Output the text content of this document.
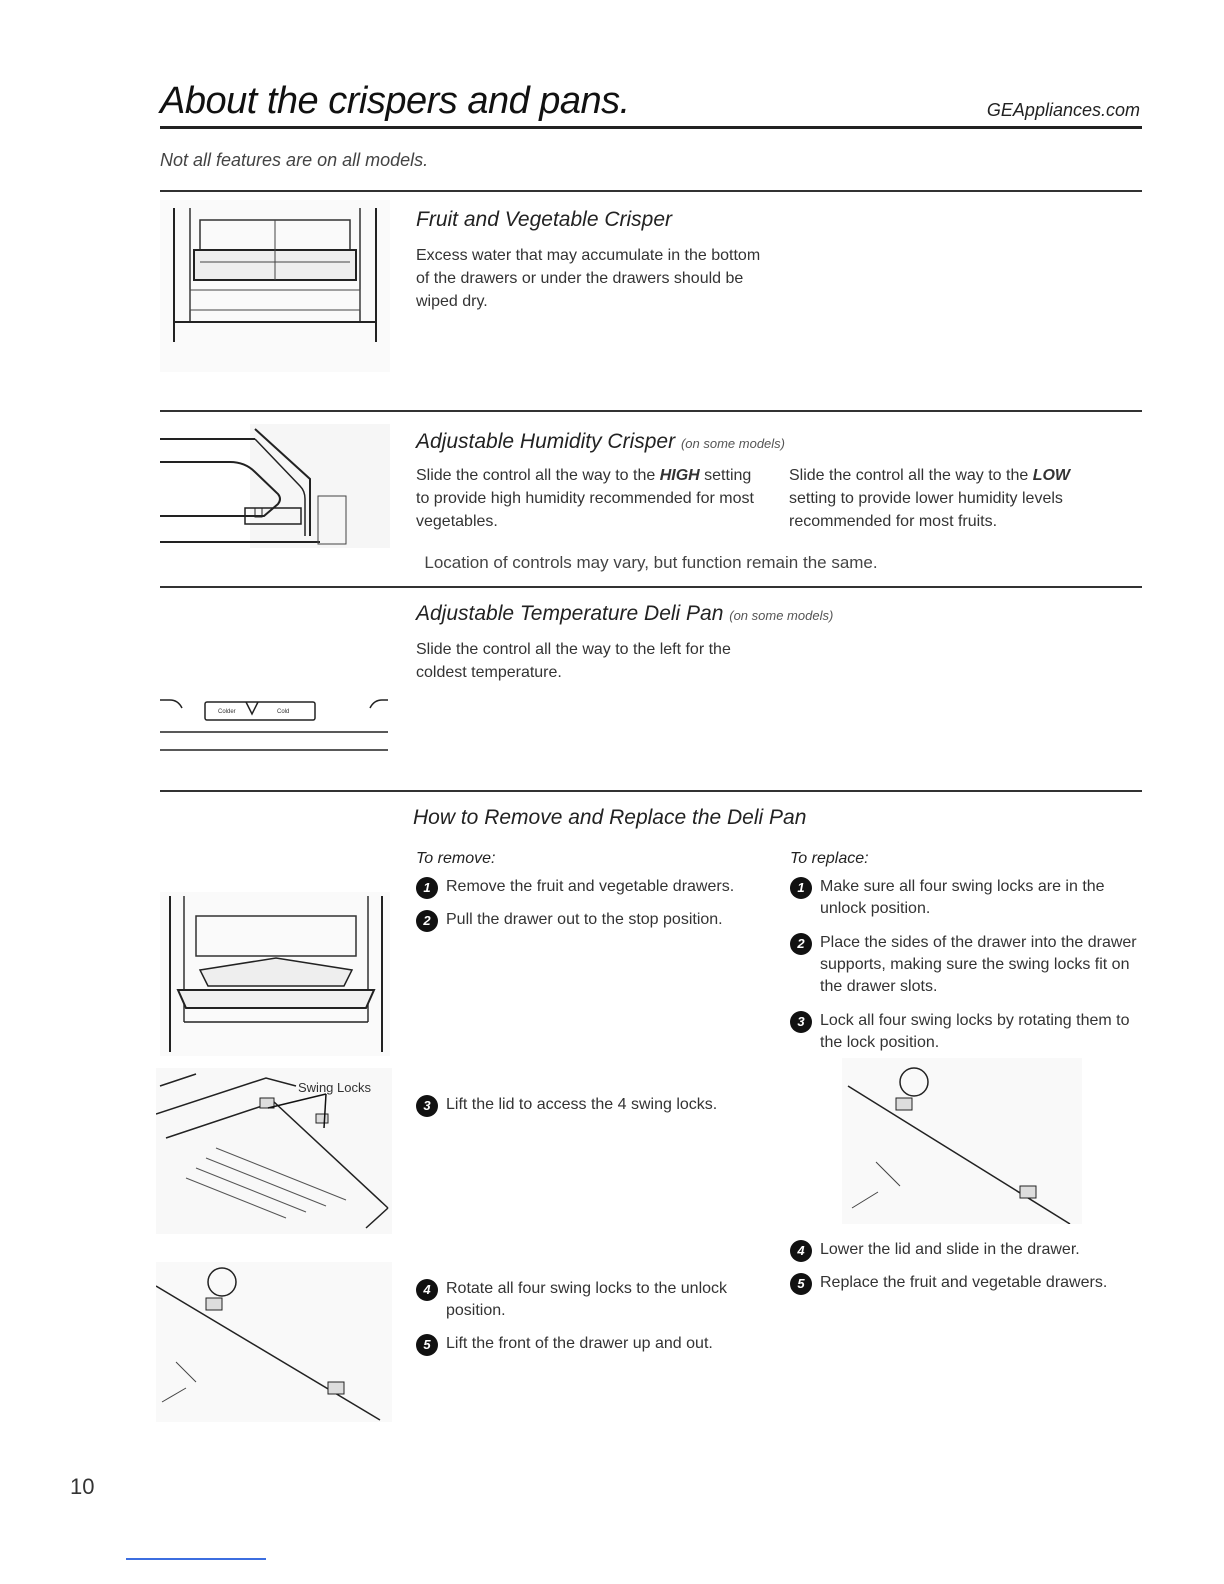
About the crispers and pans.	GEAppliances.com
Not all features are on all models.
Fruit and Vegetable Crisper
Excess water that may accumulate in the bottom of the drawers or under the drawers should be wiped dry.
Adjustable Humidity Crisper (on some models)
Slide the control all the way to the HIGH setting to provide high humidity recommended for most vegetables.
Slide the control all the way to the LOW setting to provide lower humidity levels recommended for most fruits.
Location of controls may vary, but function remain the same.
Colder	Cold
Adjustable Temperature Deli Pan (on some models)
Slide the control all the way to the left for the coldest temperature.
How to Remove and Replace the Deli Pan
To remove:	To replace:
1 Remove the fruit and vegetable drawers.
2 Pull the drawer out to the stop position.
3 Lift the lid to access the 4 swing locks.
4 Rotate all four swing locks to the unlock position.
5 Lift the front of the drawer up and out.
1 Make sure all four swing locks are in the unlock position.
2 Place the sides of the drawer into the drawer supports, making sure the swing locks fit on the drawer slots.
3 Lock all four swing locks by rotating them to the lock position.
4 Lower the lid and slide in the drawer.
5 Replace the fruit and vegetable drawers.
Swing Locks
10
